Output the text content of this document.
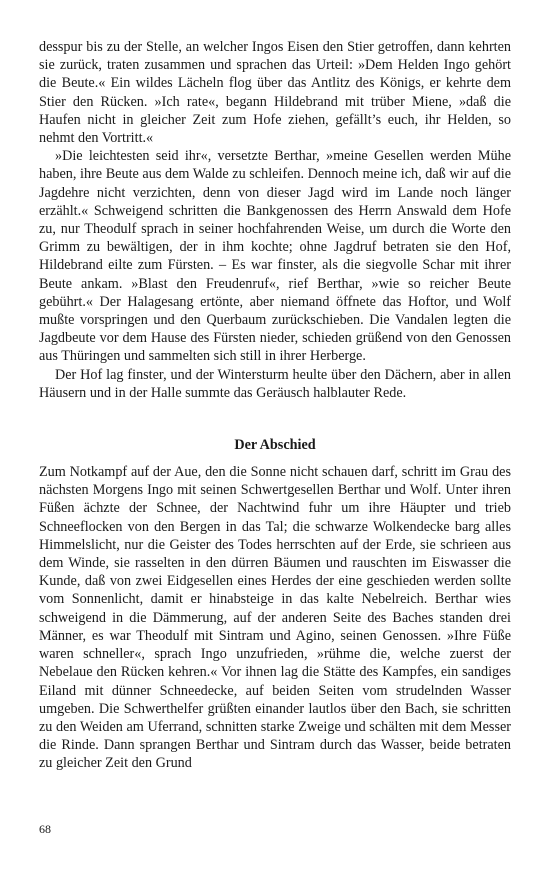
desspur bis zu der Stelle, an welcher Ingos Eisen den Stier getroffen, dann kehrten sie zurück, traten zusammen und sprachen das Urteil: »Dem Helden Ingo gehört die Beute.« Ein wildes Lächeln flog über das Antlitz des Königs, er kehrte dem Stier den Rücken. »Ich rate«, begann Hildebrand mit trüber Miene, »daß die Haufen nicht in gleicher Zeit zum Hofe ziehen, gefällt’s euch, ihr Helden, so nehmt den Vortritt.«

»Die leichtesten seid ihr«, versetzte Berthar, »meine Gesellen werden Mühe haben, ihre Beute aus dem Walde zu schleifen. Dennoch meine ich, daß wir auf die Jagdehre nicht verzichten, denn von dieser Jagd wird im Lande noch länger erzählt.« Schweigend schritten die Bankgenossen des Herrn Answald dem Hofe zu, nur Theodulf sprach in seiner hochfahrenden Weise, um durch die Worte den Grimm zu bewältigen, der in ihm kochte; ohne Jagdruf betraten sie den Hof, Hildebrand eilte zum Fürsten. – Es war finster, als die siegvolle Schar mit ihrer Beute ankam. »Blast den Freudenruf«, rief Berthar, »wie so reicher Beute gebührt.« Der Halagesang ertönte, aber niemand öffnete das Hoftor, und Wolf mußte vorspringen und den Querbaum zurückschieben. Die Vandalen legten die Jagdbeute vor dem Hause des Fürsten nieder, schieden grüßend von den Genossen aus Thüringen und sammelten sich still in ihrer Herberge.

Der Hof lag finster, und der Wintersturm heulte über den Dächern, aber in allen Häusern und in der Halle summte das Geräusch halblauter Rede.

Der Abschied

Zum Notkampf auf der Aue, den die Sonne nicht schauen darf, schritt im Grau des nächsten Morgens Ingo mit seinen Schwertgesellen Berthar und Wolf. Unter ihren Füßen ächzte der Schnee, der Nachtwind fuhr um ihre Häupter und trieb Schneeflocken von den Bergen in das Tal; die schwarze Wolkendecke barg alles Himmelslicht, nur die Geister des Todes herrschten auf der Erde, sie schrieen aus dem Winde, sie rasselten in den dürren Bäumen und rauschten im Eiswasser die Kunde, daß von zwei Eidgesellen eines Herdes der eine geschieden werden sollte vom Sonnenlicht, damit er hinabsteige in das kalte Nebelreich. Berthar wies schweigend in die Dämmerung, auf der anderen Seite des Baches standen drei Männer, es war Theodulf mit Sintram und Agino, seinen Genossen. »Ihre Füße waren schneller«, sprach Ingo unzufrieden, »rühme die, welche zuerst der Nebelaue den Rücken kehren.« Vor ihnen lag die Stätte des Kampfes, ein sandiges Eiland mit dünner Schneedecke, auf beiden Seiten vom strudelnden Wasser umgeben. Die Schwerthelfer grüßten einander lautlos über den Bach, sie schritten zu den Weiden am Uferrand, schnitten starke Zweige und schälten mit dem Messer die Rinde. Dann sprangen Berthar und Sintram durch das Wasser, beide betraten zu gleicher Zeit den Grund

68
